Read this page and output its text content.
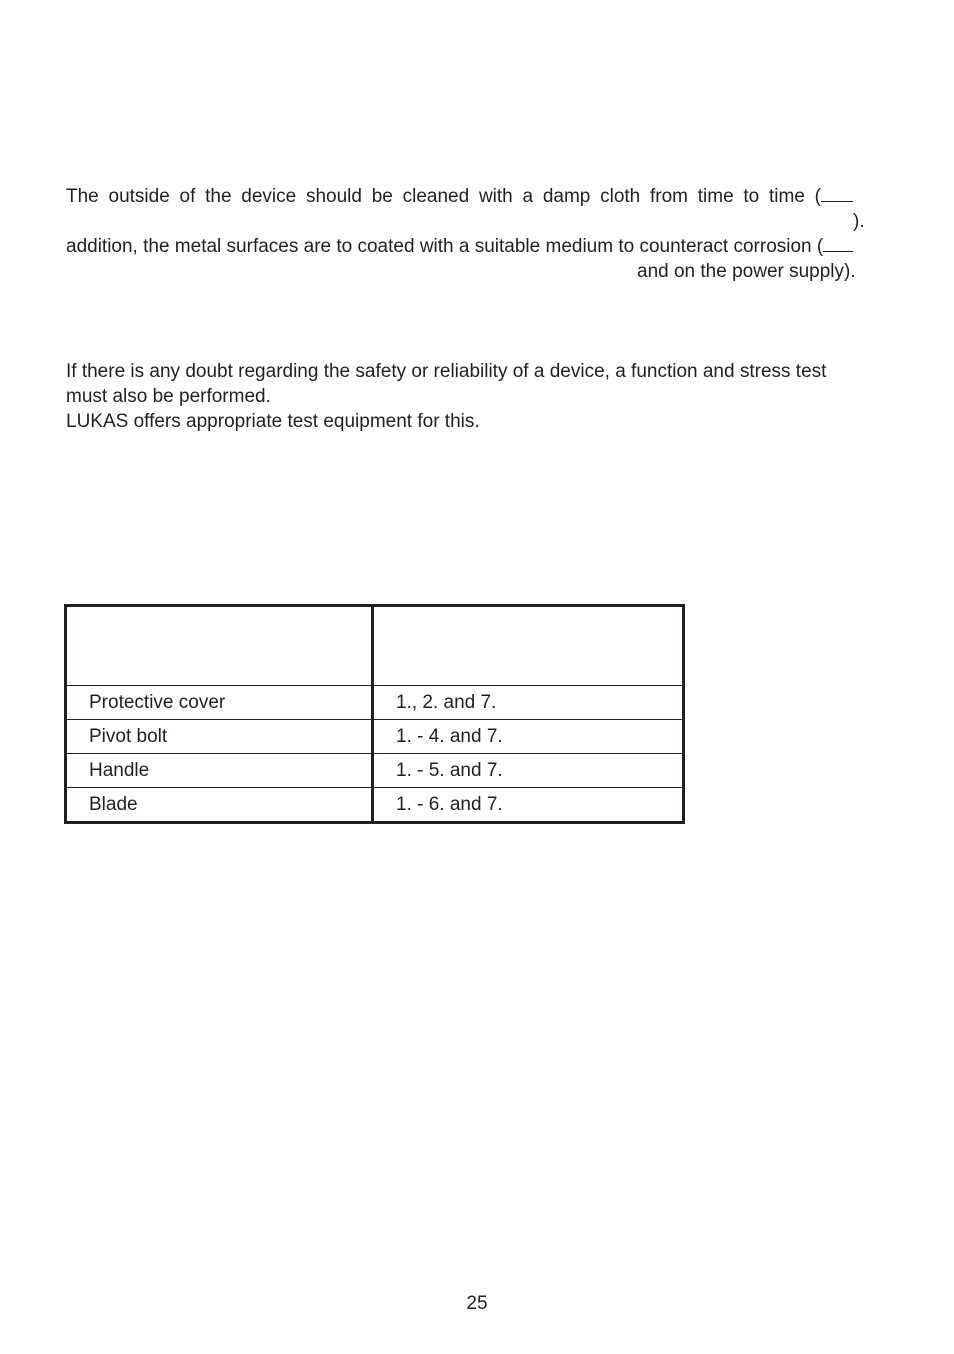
The outside of the device should be cleaned with a damp cloth from time to time (
).
addition, the metal surfaces are to coated with a suitable medium to counteract corrosion (
and on the power supply).
If there is any doubt regarding the safety or reliability of a device, a function and stress test
must also be performed.
LUKAS offers appropriate test equipment for this.

Protective cover	1., 2. and 7.
Pivot bolt	1. - 4. and 7.
Handle	1. - 5. and 7.
Blade	1. - 6. and 7.
25
